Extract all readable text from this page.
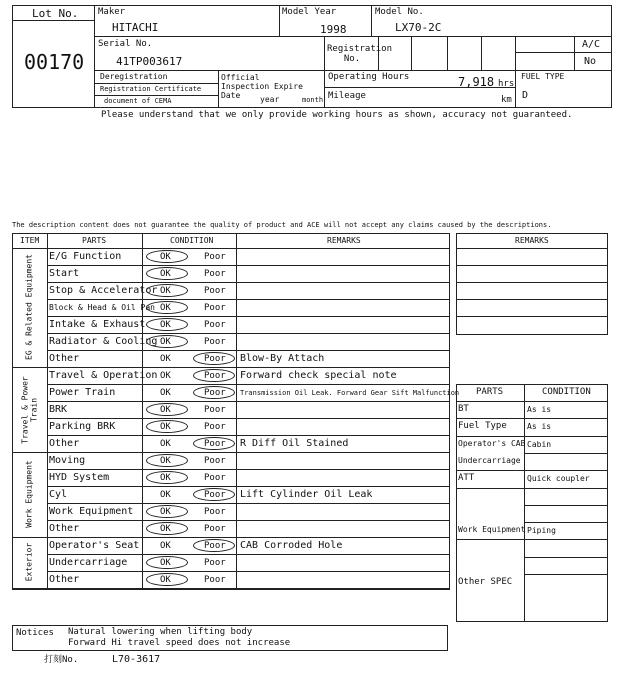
Lot No.
00170
Maker
HITACHI
Model Year
1998
Model No.
LX70-2C
Serial No.
41TP003617
Registration No.
A/C
No
Deregistration
Registration Certificate
document of CEMA
Official Inspection Expire Date	year	month
Operating Hours	7,918 hrs
Mileage	km
FUEL TYPE
D
Please understand that we only provide working hours as shown, accuracy not guaranteed.
The description content does not guarantee the quality of product and ACE will not accept any claims caused by the descriptions.
ITEM	PARTS	CONDITION	REMARKS
E/G Function	OK	Poor
Start	OK	Poor
Stop & Accelerator OK	Poor
Block & Head & Oil Pan OK	Poor
Intake & Exhaust OK	Poor
Radiator & Cooling OK	Poor
Other	OK	Poor Blow-By Attach
EG & Related Equipment
Travel & Operation OK	Poor Forward check special note
Power Train	OK	Poor Transmission Oil Leak. Forward Gear Sift Malfunction
BRK	OK	Poor
Parking BRK	OK	Poor
Other	OK	Poor R Diff Oil Stained
Travel & Power Train
Moving	OK	Poor
HYD System	OK	Poor
Cyl	OK	Poor Lift Cylinder Oil Leak
Work Equipment	OK	Poor
Other	OK	Poor
Work Equipment
Operator's Seat OK	Poor CAB Corroded Hole
Undercarriage	OK	Poor
Other	OK	Poor
Exterior
REMARKS
PARTS	CONDITION
BT	As is
Fuel Type	As is
Operator's CAB Cabin
Undercarriage
ATT	Quick coupler
Work Equipment Piping
Other SPEC
Notices Natural lowering when lifting body
Forward Hi travel speed does not increase
打刻No.	L70-3617
